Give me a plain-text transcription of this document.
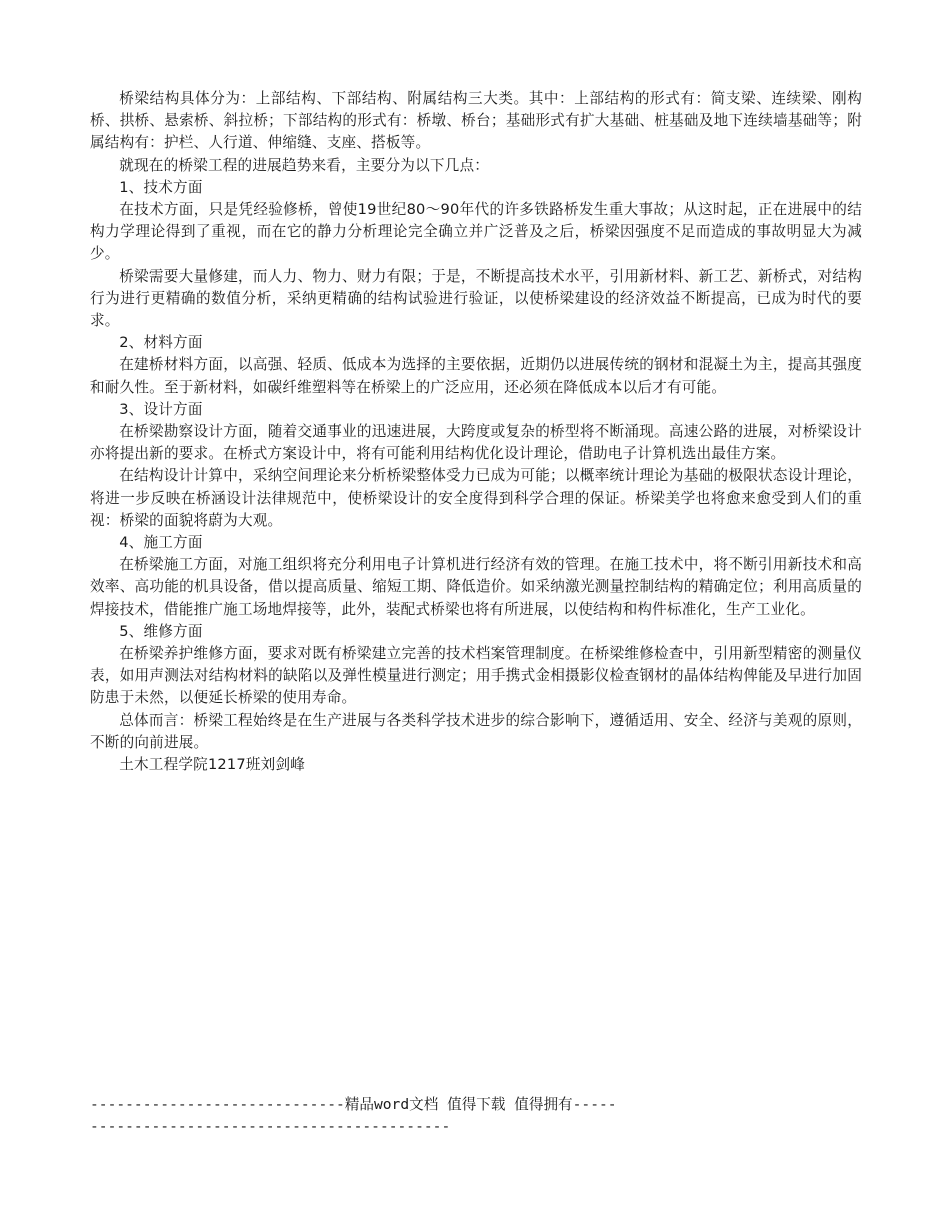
桥梁结构具体分为：上部结构、下部结构、附属结构三大类。其中：上部结构的形式有：简支梁、连续梁、刚构桥、拱桥、悬索桥、斜拉桥；下部结构的形式有：桥墩、桥台；基础形式有扩大基础、桩基础及地下连续墙基础等；附属结构有：护栏、人行道、伸缩缝、支座、搭板等。

就现在的桥梁工程的进展趋势来看，主要分为以下几点：

1、技术方面

在技术方面，只是凭经验修桥，曾使19世纪80～90年代的许多铁路桥发生重大事故；从这时起，正在进展中的结构力学理论得到了重视，而在它的静力分析理论完全确立并广泛普及之后，桥梁因强度不足而造成的事故明显大为减少。

桥梁需要大量修建，而人力、物力、财力有限；于是，不断提高技术水平，引用新材料、新工艺、新桥式，对结构行为进行更精确的数值分析，采纳更精确的结构试验进行验证，以使桥梁建设的经济效益不断提高，已成为时代的要求。

2、材料方面

在建桥材料方面，以高强、轻质、低成本为选择的主要依据，近期仍以进展传统的钢材和混凝土为主，提高其强度和耐久性。至于新材料，如碳纤维塑料等在桥梁上的广泛应用，还必须在降低成本以后才有可能。

3、设计方面

在桥梁勘察设计方面，随着交通事业的迅速进展，大跨度或复杂的桥型将不断涌现。高速公路的进展，对桥梁设计亦将提出新的要求。在桥式方案设计中，将有可能利用结构优化设计理论，借助电子计算机选出最佳方案。

在结构设计计算中，采纳空间理论来分析桥梁整体受力已成为可能；以概率统计理论为基础的极限状态设计理论，将进一步反映在桥涵设计法律规范中，使桥梁设计的安全度得到科学合理的保证。桥梁美学也将愈来愈受到人们的重视：桥梁的面貌将蔚为大观。

4、施工方面

在桥梁施工方面，对施工组织将充分利用电子计算机进行经济有效的管理。在施工技术中，将不断引用新技术和高效率、高功能的机具设备，借以提高质量、缩短工期、降低造价。如采纳激光测量控制结构的精确定位；利用高质量的焊接技术，借能推广施工场地焊接等，此外，装配式桥梁也将有所进展，以使结构和构件标准化，生产工业化。

5、维修方面

在桥梁养护维修方面，要求对既有桥梁建立完善的技术档案管理制度。在桥梁维修检查中，引用新型精密的测量仪表，如用声测法对结构材料的缺陷以及弹性模量进行测定；用手携式金相摄影仪检查钢材的晶体结构俾能及早进行加固防患于未然，以便延长桥梁的使用寿命。

总体而言：桥梁工程始终是在生产进展与各类科学技术进步的综合影响下，遵循适用、安全、经济与美观的原则，不断的向前进展。

土木工程学院1217班刘剑峰

-----------------------------精品word文档 值得下载 值得拥有----------------------------------------------
